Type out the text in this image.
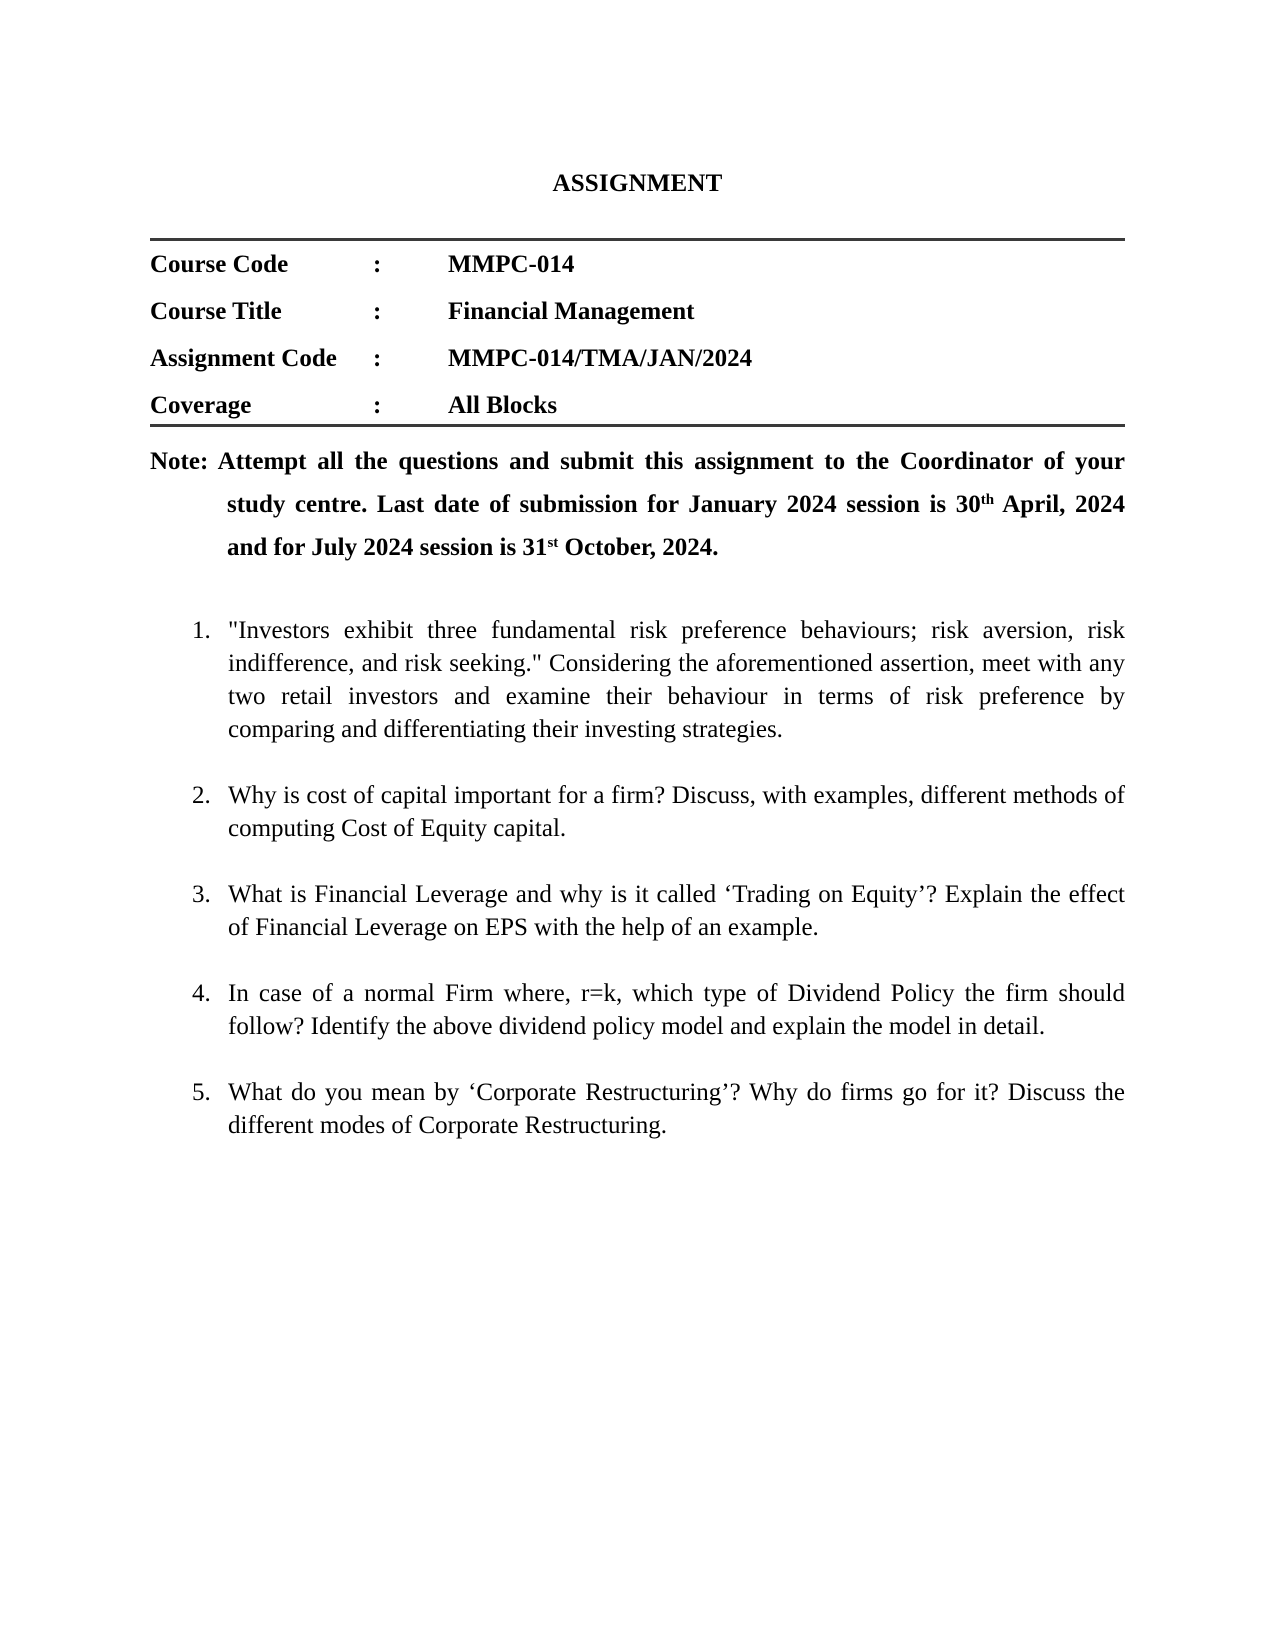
ASSIGNMENT
Course Code	:	MMPC-014
Course Title	:	Financial Management
Assignment Code	:	MMPC-014/TMA/JAN/2024
Coverage	:	All Blocks

Note: Attempt all the questions and submit this assignment to the Coordinator of your study centre. Last date of submission for January 2024 session is 30th April, 2024 and for July 2024 session is 31st October, 2024.

1. "Investors exhibit three fundamental risk preference behaviours; risk aversion, risk indifference, and risk seeking." Considering the aforementioned assertion, meet with any two retail investors and examine their behaviour in terms of risk preference by comparing and differentiating their investing strategies.
2. Why is cost of capital important for a firm? Discuss, with examples, different methods of computing Cost of Equity capital.
3. What is Financial Leverage and why is it called ‘Trading on Equity’? Explain the effect of Financial Leverage on EPS with the help of an example.
4. In case of a normal Firm where, r=k, which type of Dividend Policy the firm should follow? Identify the above dividend policy model and explain the model in detail.
5. What do you mean by ‘Corporate Restructuring’? Why do firms go for it? Discuss the different modes of Corporate Restructuring.
